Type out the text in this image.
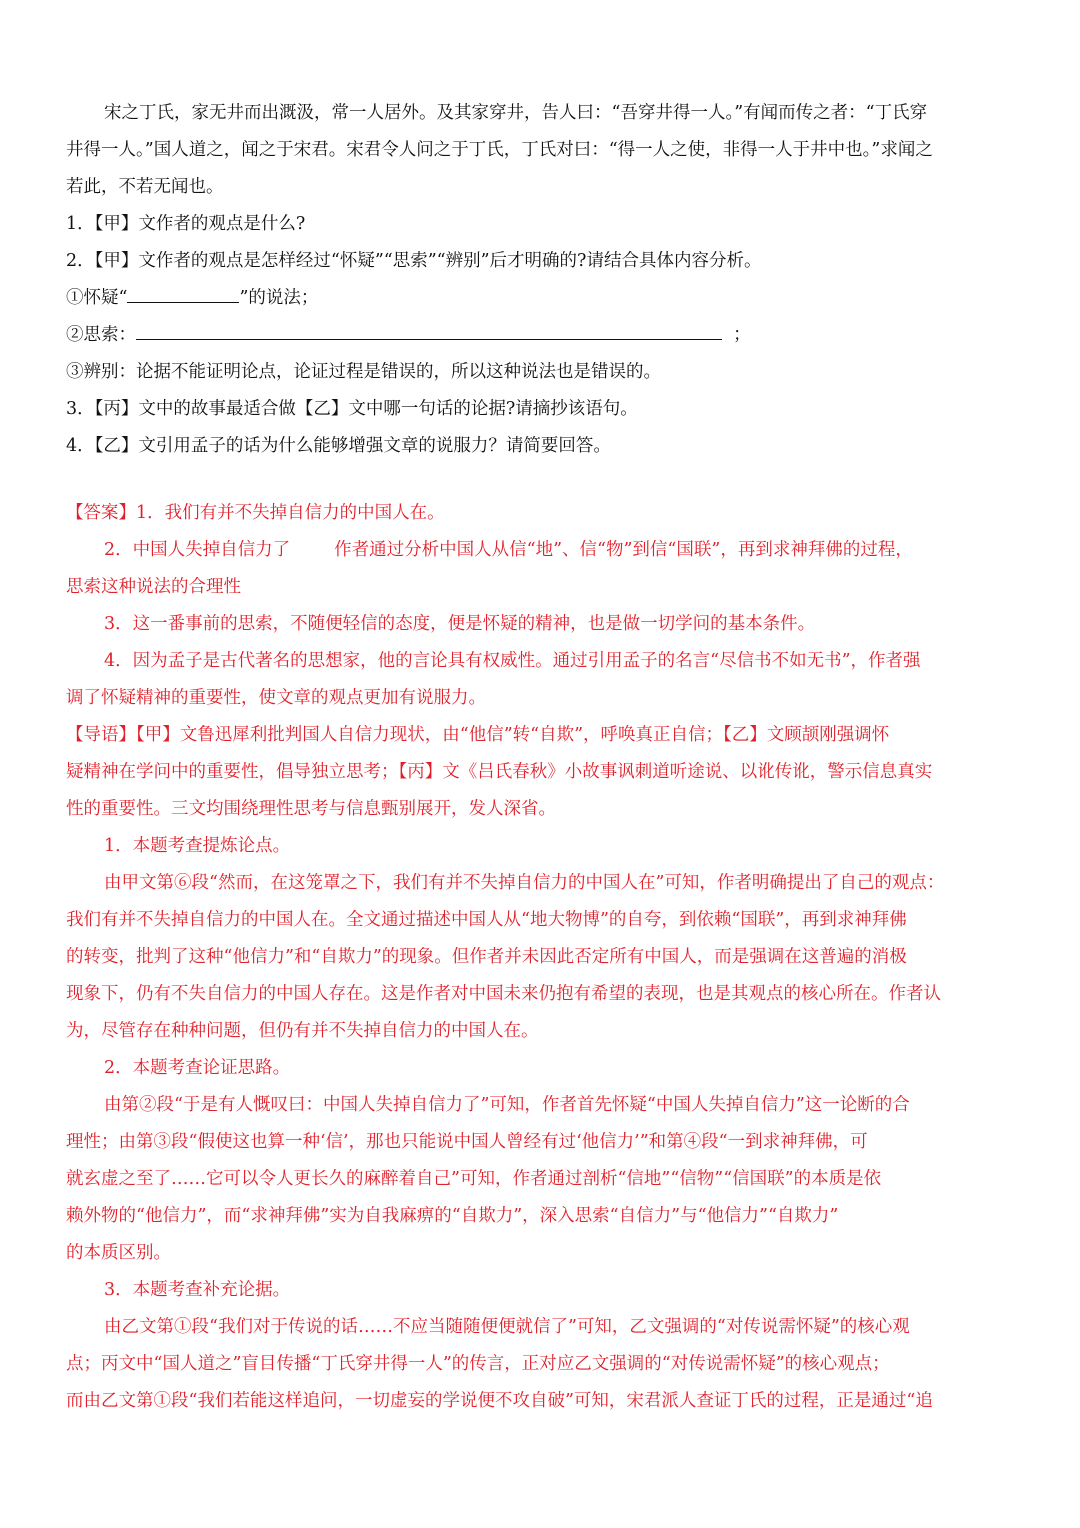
宋之丁氏，家无井而出溉汲，常一人居外。及其家穿井，告人曰：“吾穿井得一人。”有闻而传之者：“丁氏穿
井得一人。”国人道之，闻之于宋君。宋君令人问之于丁氏，丁氏对曰：“得一人之使，非得一人于井中也。”求闻之
若此，不若无闻也。
1．【甲】文作者的观点是什么?
2．【甲】文作者的观点是怎样经过“怀疑”“思索”“辨别”后才明确的?请结合具体内容分析。
①怀疑“	”的说法；
②思索：	；
③辨别：论据不能证明论点，论证过程是错误的，所以这种说法也是错误的。
3．【丙】文中的故事最适合做【乙】文中哪一句话的论据?请摘抄该语句。
4．【乙】文引用孟子的话为什么能够增强文章的说服力？请简要回答。
【答案】1．我们有并不失掉自信力的中国人在。
2．中国人失掉自信力了	作者通过分析中国人从信“地”、信“物”到信“国联”，再到求神拜佛的过程，
思索这种说法的合理性
3．这一番事前的思索，不随便轻信的态度，便是怀疑的精神，也是做一切学问的基本条件。
4．因为孟子是古代著名的思想家，他的言论具有权威性。通过引用孟子的名言“尽信书不如无书”，作者强
调了怀疑精神的重要性，使文章的观点更加有说服力。
【导语】【甲】文鲁迅犀利批判国人自信力现状，由“他信”转“自欺”，呼唤真正自信；【乙】文顾颉刚强调怀
疑精神在学问中的重要性，倡导独立思考；【丙】文《吕氏春秋》小故事讽刺道听途说、以讹传讹，警示信息真实
性的重要性。三文均围绕理性思考与信息甄别展开，发人深省。
1．本题考查提炼论点。
由甲文第⑥段“然而，在这笼罩之下，我们有并不失掉自信力的中国人在”可知，作者明确提出了自己的观点：
我们有并不失掉自信力的中国人在。全文通过描述中国人从“地大物博”的自夸，到依赖“国联”，再到求神拜佛
的转变，批判了这种“他信力”和“自欺力”的现象。但作者并未因此否定所有中国人，而是强调在这普遍的消极
现象下，仍有不失自信力的中国人存在。这是作者对中国未来仍抱有希望的表现，也是其观点的核心所在。作者认
为，尽管存在种种问题，但仍有并不失掉自信力的中国人在。
2．本题考查论证思路。
由第②段“于是有人慨叹曰：中国人失掉自信力了”可知，作者首先怀疑“中国人失掉自信力”这一论断的合
理性；由第③段“假使这也算一种‘信’，那也只能说中国人曾经有过‘他信力’”和第④段“一到求神拜佛，可
就玄虚之至了……它可以令人更长久的麻醉着自己”可知，作者通过剖析“信地”“信物”“信国联”的本质是依
赖外物的“他信力”，而“求神拜佛”实为自我麻痹的“自欺力”，深入思索“自信力”与“他信力”“自欺力”
的本质区别。
3．本题考查补充论据。
由乙文第①段“我们对于传说的话……不应当随随便便就信了”可知，乙文强调的“对传说需怀疑”的核心观
点；丙文中“国人道之”盲目传播“丁氏穿井得一人”的传言，正对应乙文强调的“对传说需怀疑”的核心观点；
而由乙文第①段“我们若能这样追问，一切虚妄的学说便不攻自破”可知，宋君派人查证丁氏的过程，正是通过“追
